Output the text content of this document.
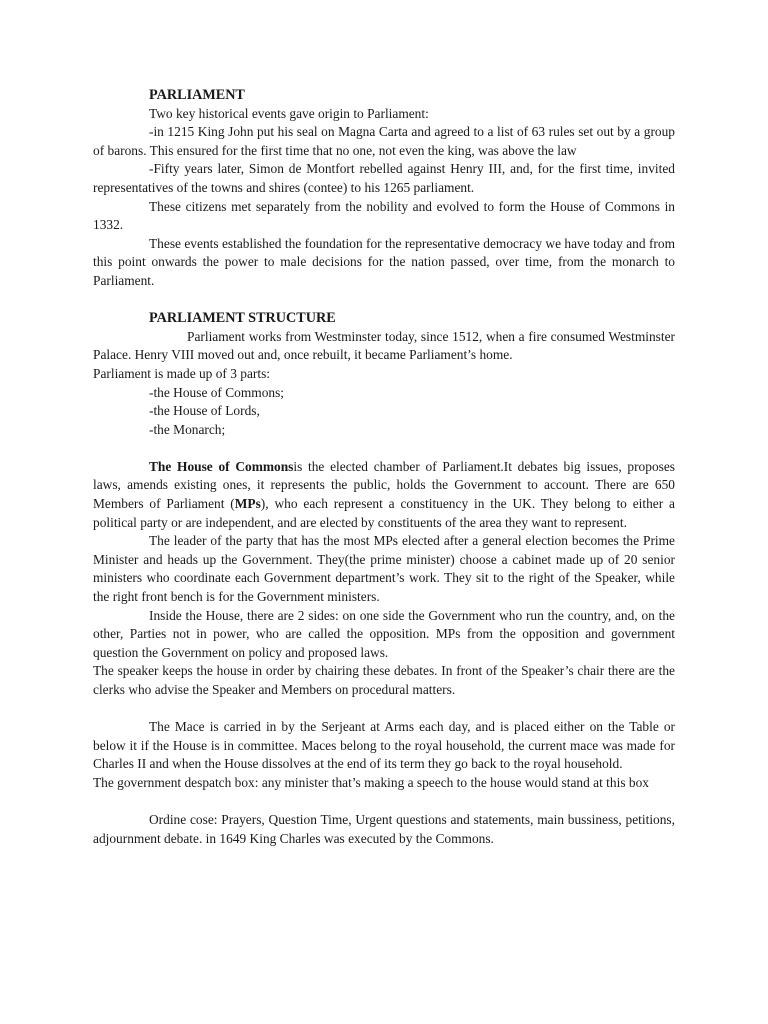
PARLIAMENT

Two key historical events gave origin to Parliament:

-in 1215 King John put his seal on Magna Carta and agreed to a list of 63 rules set out by a group of barons. This ensured for the first time that no one, not even the king, was above the law

-Fifty years later, Simon de Montfort rebelled against Henry III, and, for the first time, invited representatives of the towns and shires (contee) to his 1265 parliament.

These citizens met separately from the nobility and evolved to form the House of Commons in 1332.

These events established the foundation for the representative democracy we have today and from this point onwards the power to male decisions for the nation passed, over time, from the monarch to Parliament.

PARLIAMENT STRUCTURE

Parliament works from Westminster today, since 1512, when a fire consumed Westminster Palace. Henry VIII moved out and, once rebuilt, it became Parliament’s home.

Parliament is made up of 3 parts:

-the House of Commons;

-the House of Lords,

-the Monarch;

The House of Commonsis the elected chamber of Parliament.It debates big issues, proposes laws, amends existing ones, it represents the public, holds the Government to account. There are 650 Members of Parliament (MPs), who each represent a constituency in the UK. They belong to either a political party or are independent, and are elected by constituents of the area they want to represent.

The leader of the party that has the most MPs elected after a general election becomes the Prime Minister and heads up the Government. They(the prime minister) choose a cabinet made up of 20 senior ministers who coordinate each Government department’s work. They sit to the right of the Speaker, while the right front bench is for the Government ministers.

Inside the House, there are 2 sides: on one side the Government who run the country, and, on the other, Parties not in power, who are called the opposition. MPs from the opposition and government question the Government on policy and proposed laws.

The speaker keeps the house in order by chairing these debates. In front of the Speaker’s chair there are the clerks who advise the Speaker and Members on procedural matters.

The Mace is carried in by the Serjeant at Arms each day, and is placed either on the Table or below it if the House is in committee. Maces belong to the royal household, the current mace was made for Charles II and when the House dissolves at the end of its term they go back to the royal household.

The government despatch box: any minister that’s making a speech to the house would stand at this box

Ordine cose: Prayers, Question Time, Urgent questions and statements, main bussiness, petitions, adjournment debate. in 1649 King Charles was executed by the Commons.
